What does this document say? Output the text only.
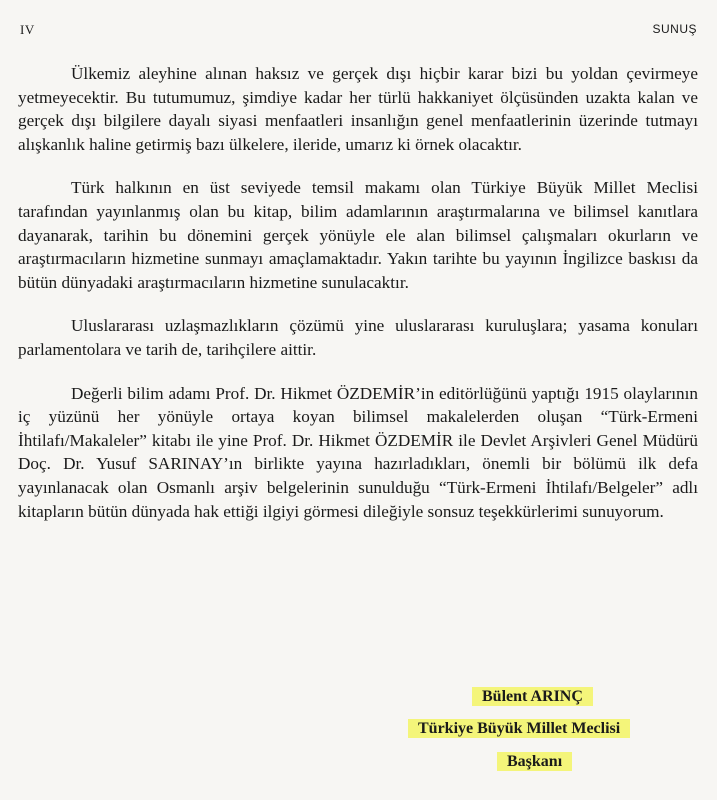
IV	SUNUŞ

Ülkemiz aleyhine alınan haksız ve gerçek dışı hiçbir karar bizi bu yoldan çevirmeye yetmeyecektir. Bu tutumumuz, şimdiye kadar her türlü hakkaniyet ölçüsünden uzakta kalan ve gerçek dışı bilgilere dayalı siyasi menfaatleri insanlığın genel menfaatlerinin üzerinde tutmayı alışkanlık haline getirmiş bazı ülkelere, ileride, umarız ki örnek olacaktır.

Türk halkının en üst seviyede temsil makamı olan Türkiye Büyük Millet Meclisi tarafından yayınlanmış olan bu kitap, bilim adamlarının araştırmalarına ve bilimsel kanıtlara dayanarak, tarihin bu dönemini gerçek yönüyle ele alan bilimsel çalışmaları okurların ve araştırmacıların hizmetine sunmayı amaçlamaktadır. Yakın tarihte bu yayının İngilizce baskısı da bütün dünyadaki araştırmacıların hizmetine sunulacaktır.

Uluslararası uzlaşmazlıkların çözümü yine uluslararası kuruluşlara; yasama konuları parlamentolara ve tarih de, tarihçilere aittir.

Değerli bilim adamı Prof. Dr. Hikmet ÖZDEMİR’in editörlüğünü yaptığı 1915 olaylarının iç yüzünü her yönüyle ortaya koyan bilimsel makalelerden oluşan “Türk-Ermeni İhtilafı/Makaleler” kitabı ile yine Prof. Dr. Hikmet ÖZDEMİR ile Devlet Arşivleri Genel Müdürü Doç. Dr. Yusuf SARINAY’ın birlikte yayına hazırladıkları, önemli bir bölümü ilk defa yayınlanacak olan Osmanlı arşiv belgelerinin sunulduğu “Türk-Ermeni İhtilafı/Belgeler” adlı kitapların bütün dünyada hak ettiği ilgiyi görmesi dileğiyle sonsuz teşekkürlerimi sunuyorum.

Bülent ARINÇ
Türkiye Büyük Millet Meclisi
Başkanı
